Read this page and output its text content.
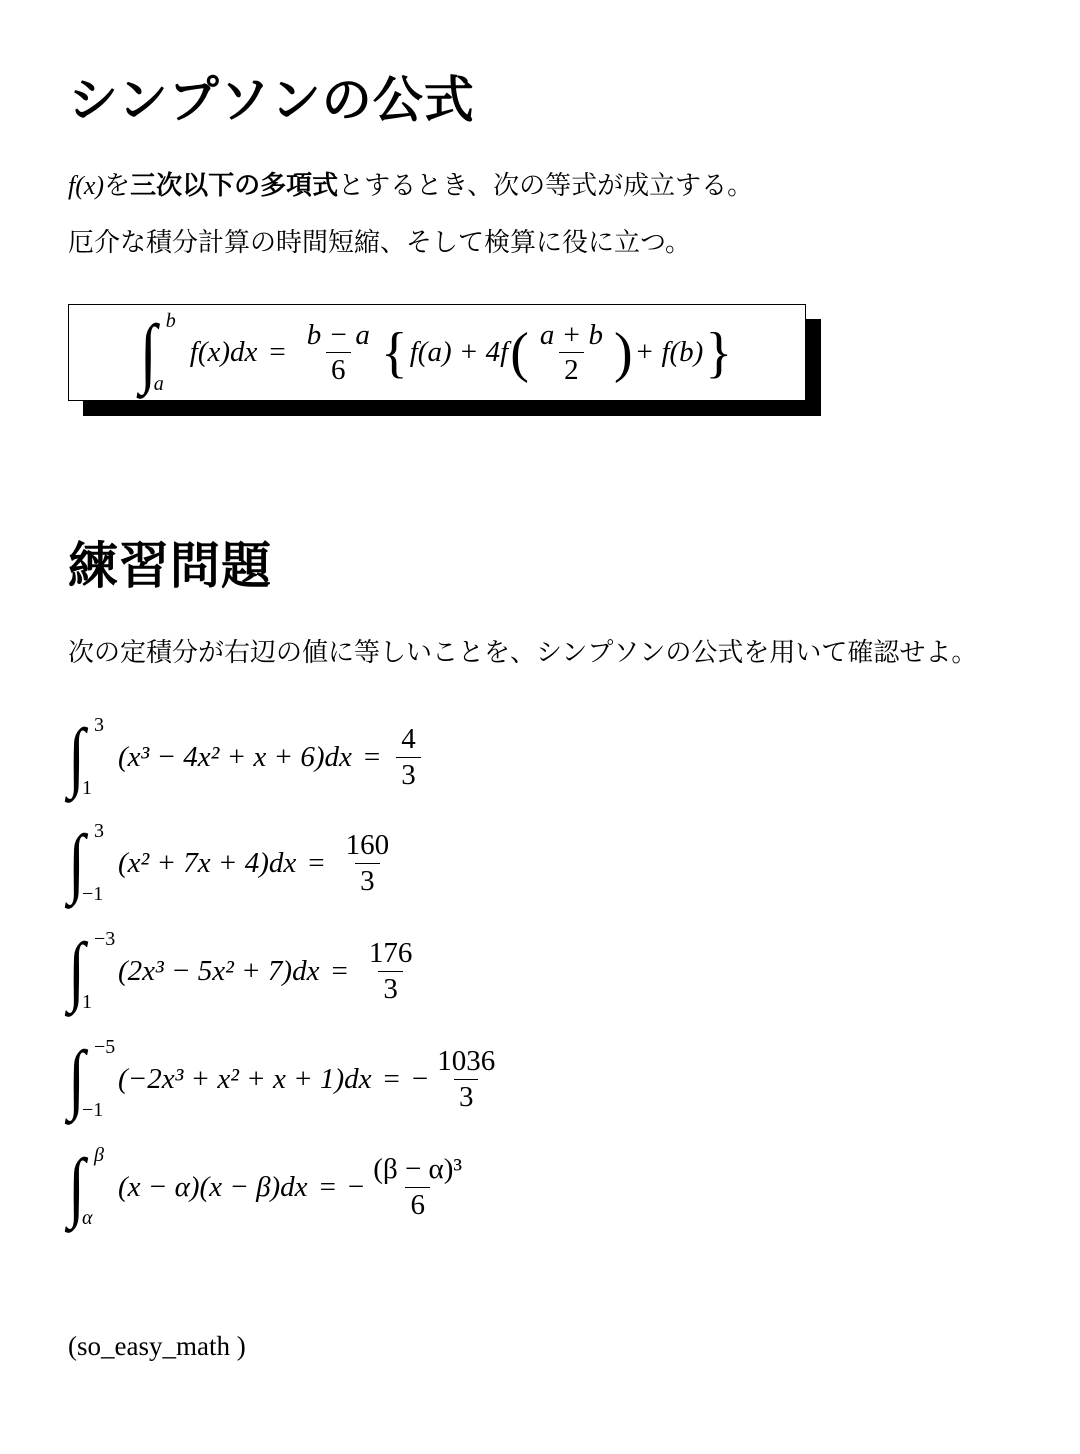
シンプソンの公式

f(x)を三次以下の多項式とするとき、次の等式が成立する。

厄介な積分計算の時間短縮、そして検算に役に立つ。

∫ b
a
$f(x)dx = \frac{b - a}{6}$ { f(a) + 4f ( $\frac{a + b}{2}$ ) + f(b) }
練習問題

次の定積分が右辺の値に等しいことを、シンプソンの公式を用いて確認せよ。

∫ 3
1
$(x^3 - 4x^2 + x + 6)dx = \frac{4}{3}$
∫ 3
−1
$(x^2 + 7x + 4)dx = \frac{160}{3}$
∫ −3
1
$(2x^3 - 5x^2 + 7)dx = \frac{176}{3}$
∫ −5
−1
(−2x³ + x² + x + 1)dx = − $\frac{1036}{3}$
∫ β
α
(x − α)(x − β)dx = − $\frac{\text{(β − α)³}}{6}$
(so_easy_math )
